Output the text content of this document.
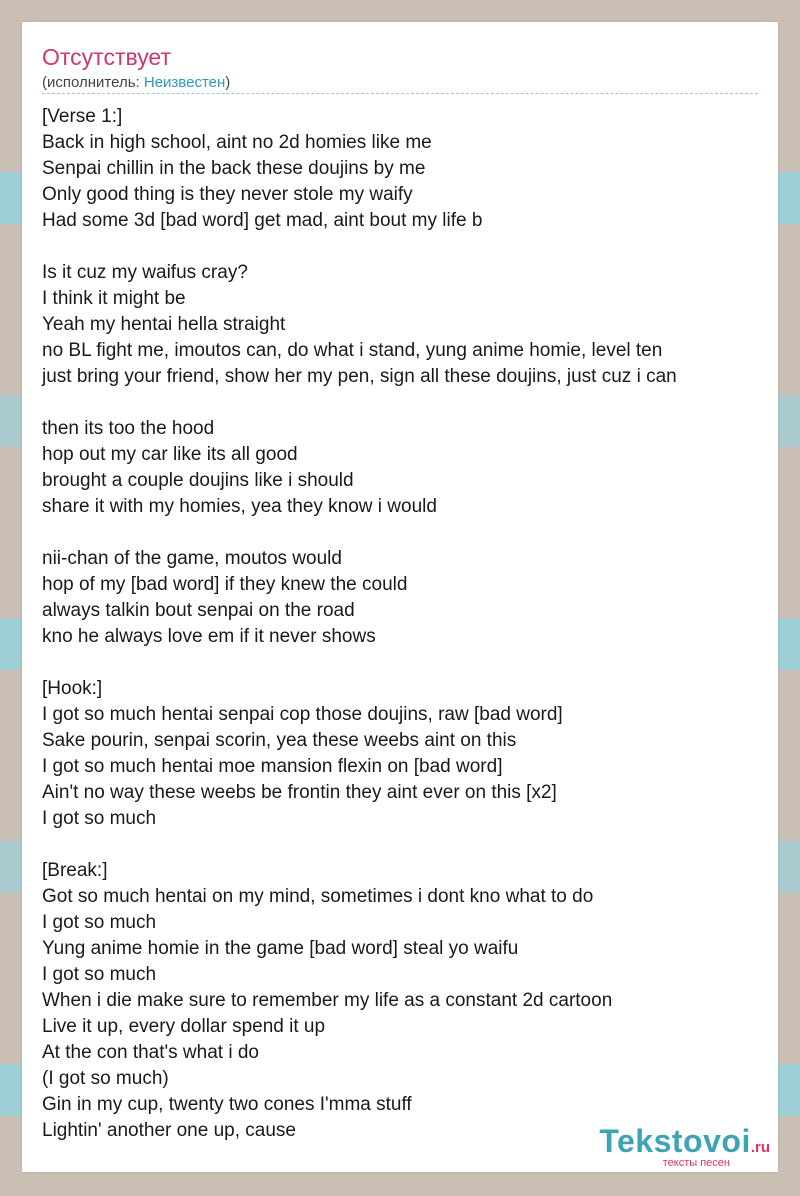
Отсутствует
(исполнитель: Неизвестен)
[Verse 1:]
Back in high school, aint no 2d homies like me
Senpai chillin in the back these doujins by me
Only good thing is they never stole my waify
Had some 3d [bad word] get mad, aint bout my life b
Is it cuz my waifus cray?
I think it might be
Yeah my hentai hella straight
no BL fight me, imoutos can, do what i stand, yung anime homie, level ten
just bring your friend, show her my pen, sign all these doujins, just cuz i can
then its too the hood
hop out my car like its all good
brought a couple doujins like i should
share it with my homies, yea they know i would
nii-chan of the game, moutos would
hop of my [bad word] if they knew the could
always talkin bout senpai on the road
kno he always love em if it never shows
[Hook:]
I got so much hentai senpai cop those doujins, raw [bad word]
Sake pourin, senpai scorin, yea these weebs aint on this
I got so much hentai moe mansion flexin on [bad word]
Ain't no way these weebs be frontin they aint ever on this [x2]
I got so much
[Break:]
Got so much hentai on my mind, sometimes i dont kno what to do
I got so much
Yung anime homie in the game [bad word] steal yo waifu
I got so much
When i die make sure to remember my life as a constant 2d cartoon
Live it up, every dollar spend it up
At the con that's what i do
(I got so much)
Gin in my cup, twenty two cones I'mma stuff
Lightin' another one up, cause	Tekstovoi.ru
тексты песен
